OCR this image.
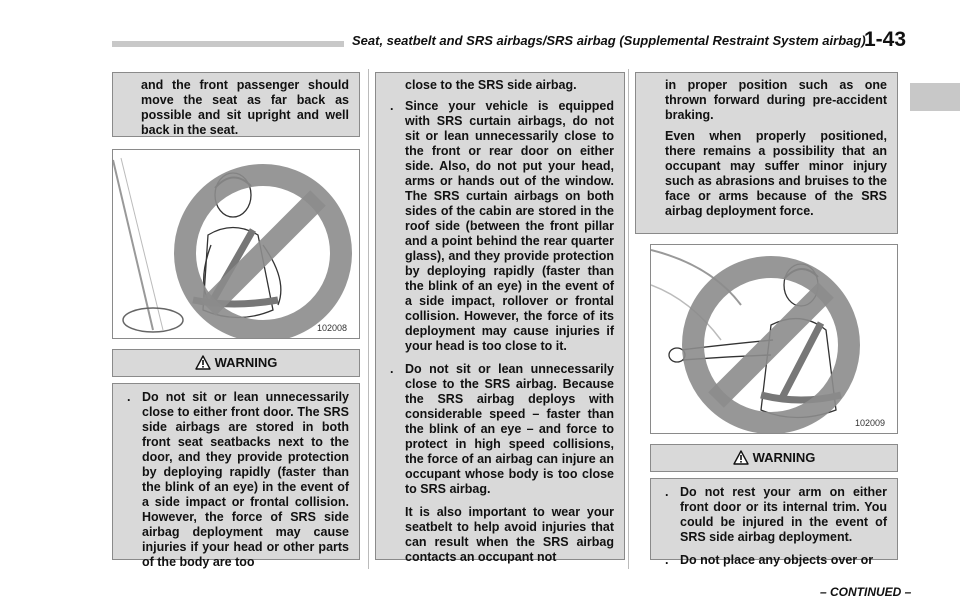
Seat, seatbelt and SRS airbags/SRS airbag (Supplemental Restraint System airbag)
1-43

and the front passenger should move the seat as far back as possible and sit upright and well back in the seat.

102008
WARNING

. Do not sit or lean unnecessarily close to either front door. The SRS side airbags are stored in both front seat seatbacks next to the door, and they provide protection by deploying rapidly (faster than the blink of an eye) in the event of a side impact or frontal collision. However, the force of SRS side airbag deployment may cause injuries if your head or other parts of the body are too

close to the SRS side airbag.

. Since your vehicle is equipped with SRS curtain airbags, do not sit or lean unnecessarily close to the front or rear door on either side. Also, do not put your head, arms or hands out of the window. The SRS curtain airbags on both sides of the cabin are stored in the roof side (between the front pillar and a point behind the rear quarter glass), and they provide protection by deploying rapidly (faster than the blink of an eye) in the event of a side impact, rollover or frontal collision. However, the force of its deployment may cause injuries if your head is too close to it.

. Do not sit or lean unnecessarily close to the SRS airbag. Because the SRS airbag deploys with considerable speed – faster than the blink of an eye – and force to protect in high speed collisions, the force of an airbag can injure an occupant whose body is too close to SRS airbag.

It is also important to wear your seatbelt to help avoid injuries that can result when the SRS airbag contacts an occupant not

in proper position such as one thrown forward during pre-accident braking.

Even when properly positioned, there remains a possibility that an occupant may suffer minor injury such as abrasions and bruises to the face or arms because of the SRS airbag deployment force.

102009
WARNING

. Do not rest your arm on either front door or its internal trim. You could be injured in the event of SRS side airbag deployment.

. Do not place any objects over or

– CONTINUED –
